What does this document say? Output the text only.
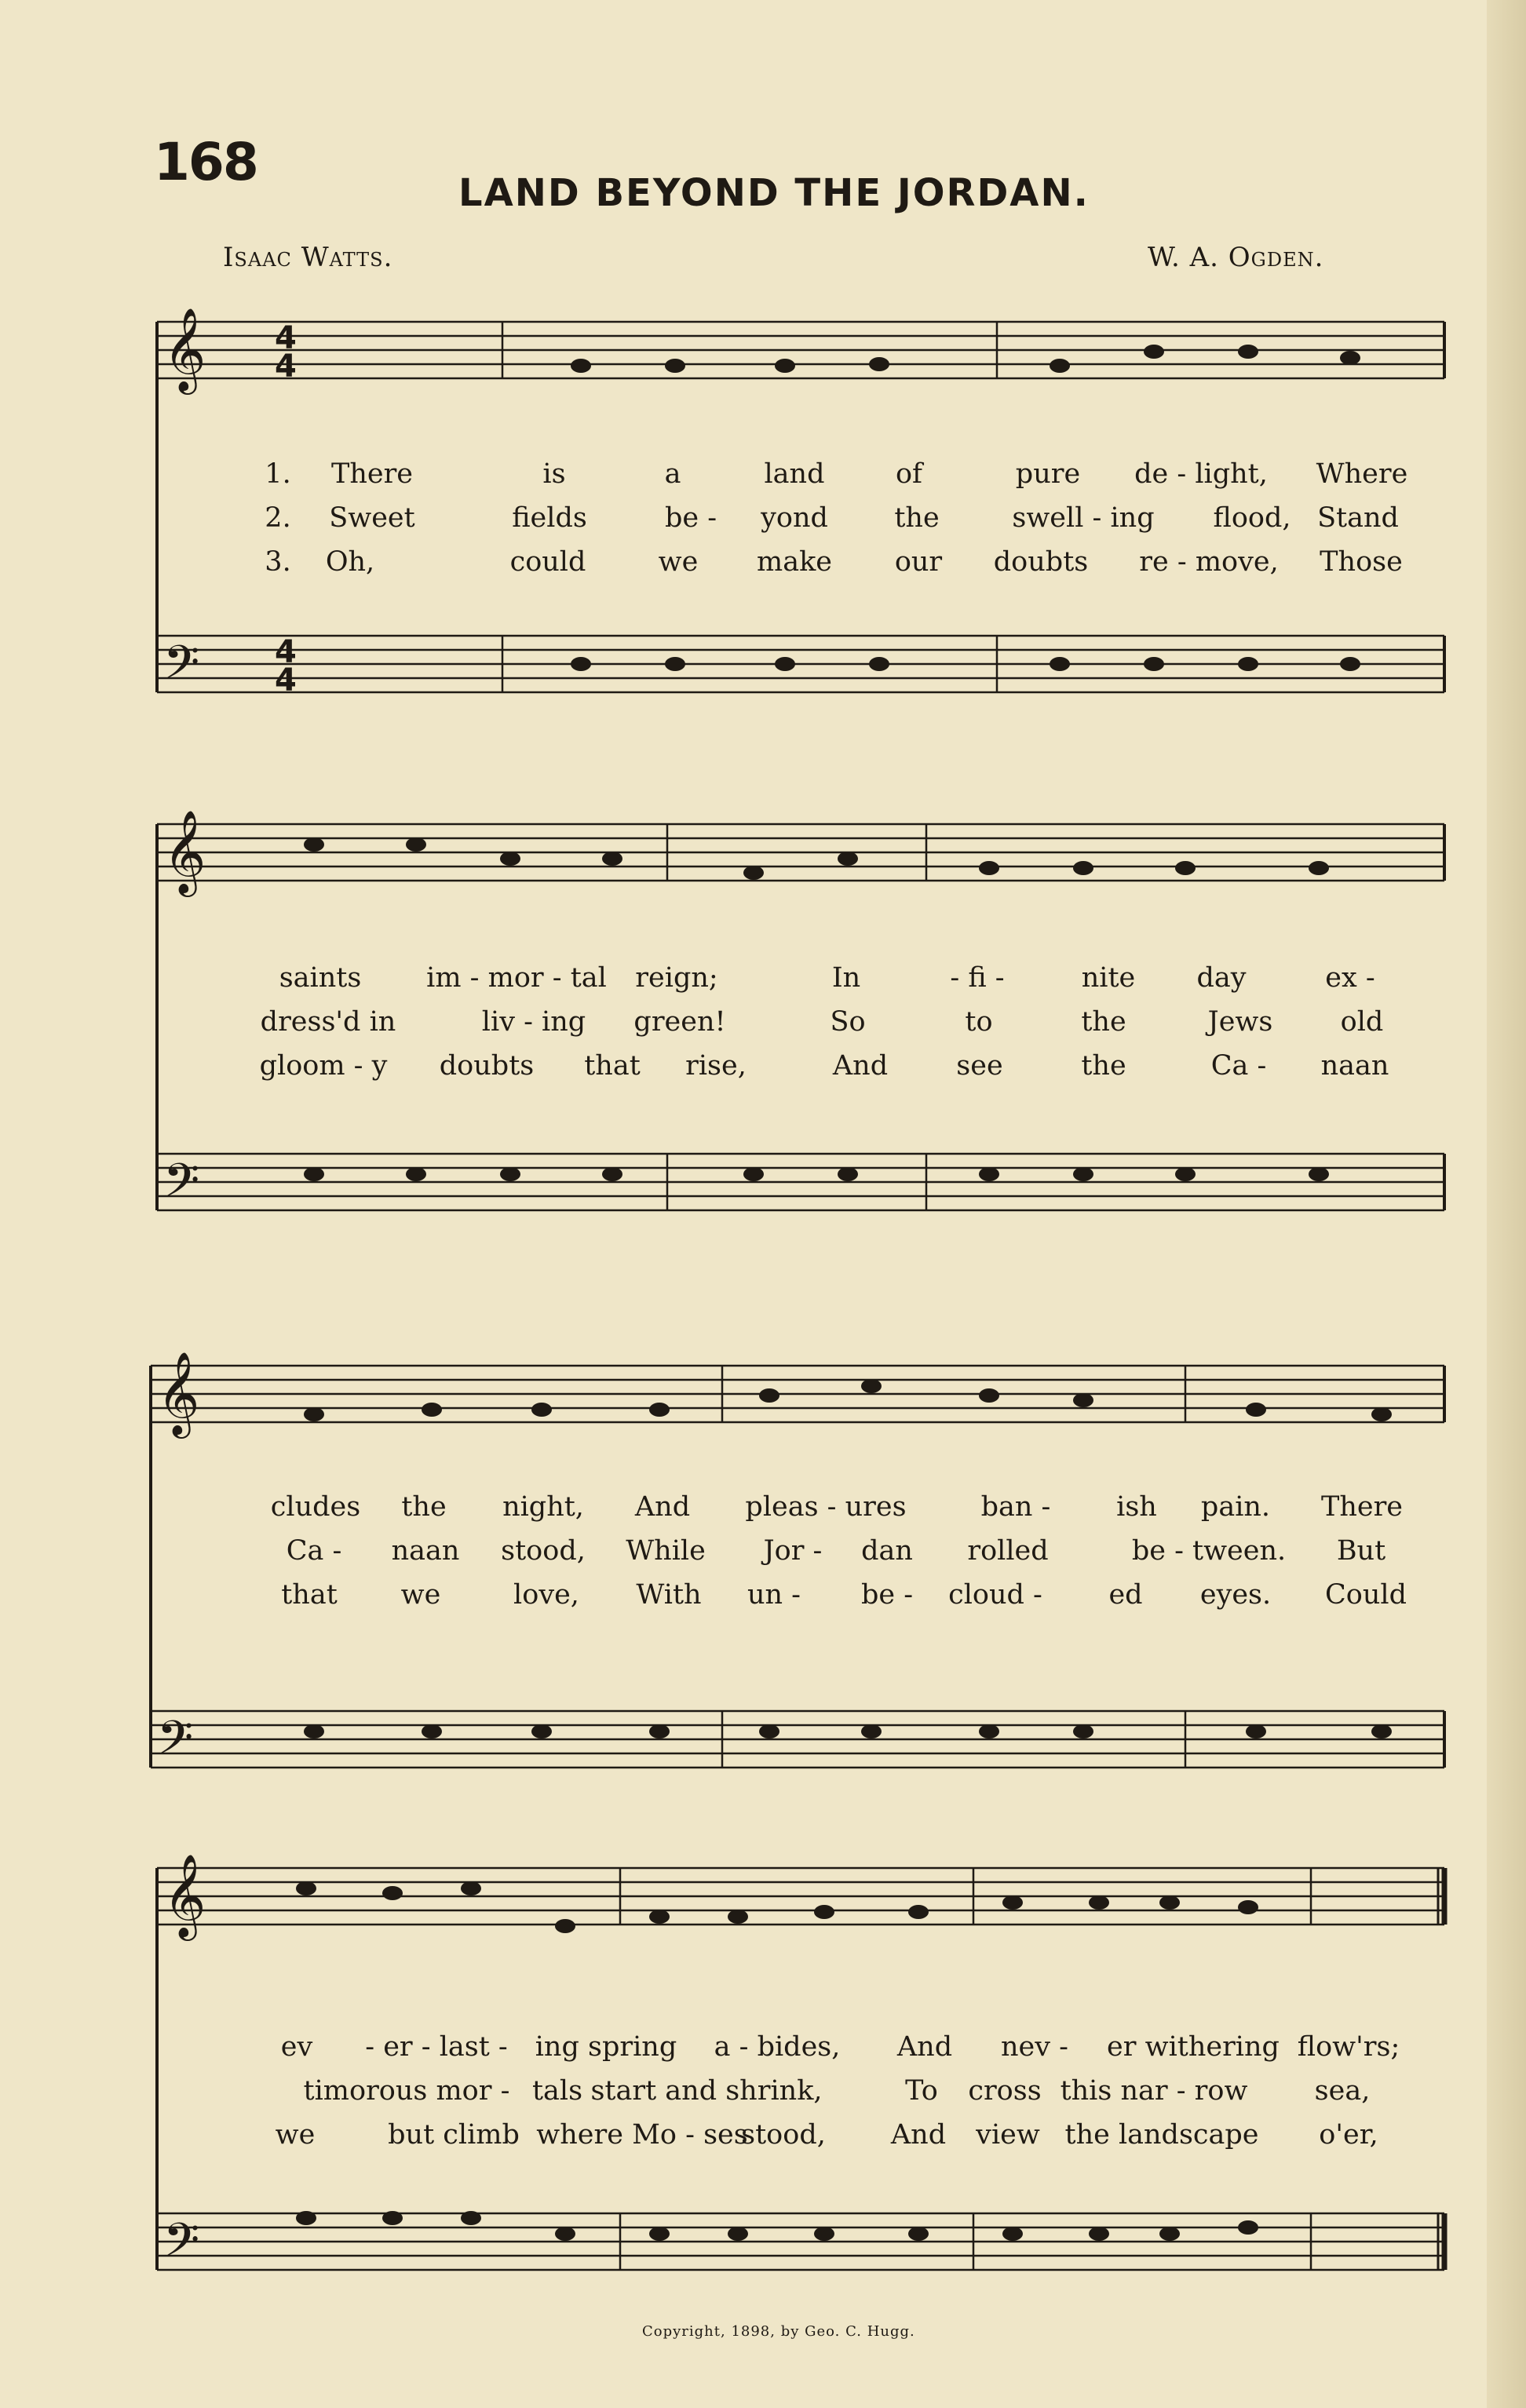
168
LAND BEYOND THE JORDAN.
Isaac Watts.	W. A. Ogden.
𝄞
𝄢
4
4
4
4
𝄞
𝄢
𝄞
𝄢
𝄞
𝄢
1. There	is	a	land	of	pure de - light, Where
2. Sweet	fields	be - yond the	swell - ing flood, Stand
3. Oh,	could	we make our doubts re - move, Those
saints im - mor - tal reign;	In	- fi -	nite day	ex -
dress'd in	liv - ing green!	So	to	the	Jews old
gloom - y doubts that rise,	And see	the	Ca - naan
cludes the night, And pleas - ures	ban - ish pain. There
Ca - naan stood, While Jor - dan rolled	be - tween. But
that we	love, With un - be - cloud - ed eyes. Could
ev - er - last - ing spring a - bides, And nev - er withering flow'rs;
timorous mor - tals start and shrink,	To cross this nar - row sea,
we	but climb where Mo - ses
stood, And view the landscape o'er,
Copyright, 1898, by Geo. C. Hugg.
